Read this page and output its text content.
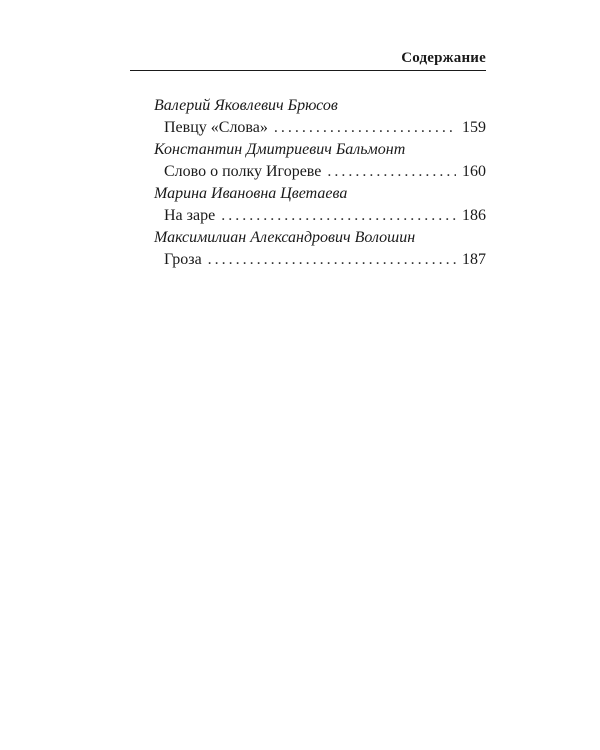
Содержание
Валерий Яковлевич Брюсов
Певцу «Слова» .....	159
Константин Дмитриевич Бальмонт
Слово о полку Игореве .....	160
Марина Ивановна Цветаева
На заре .....	186
Максимилиан Александрович Волошин
Гроза .....	187
